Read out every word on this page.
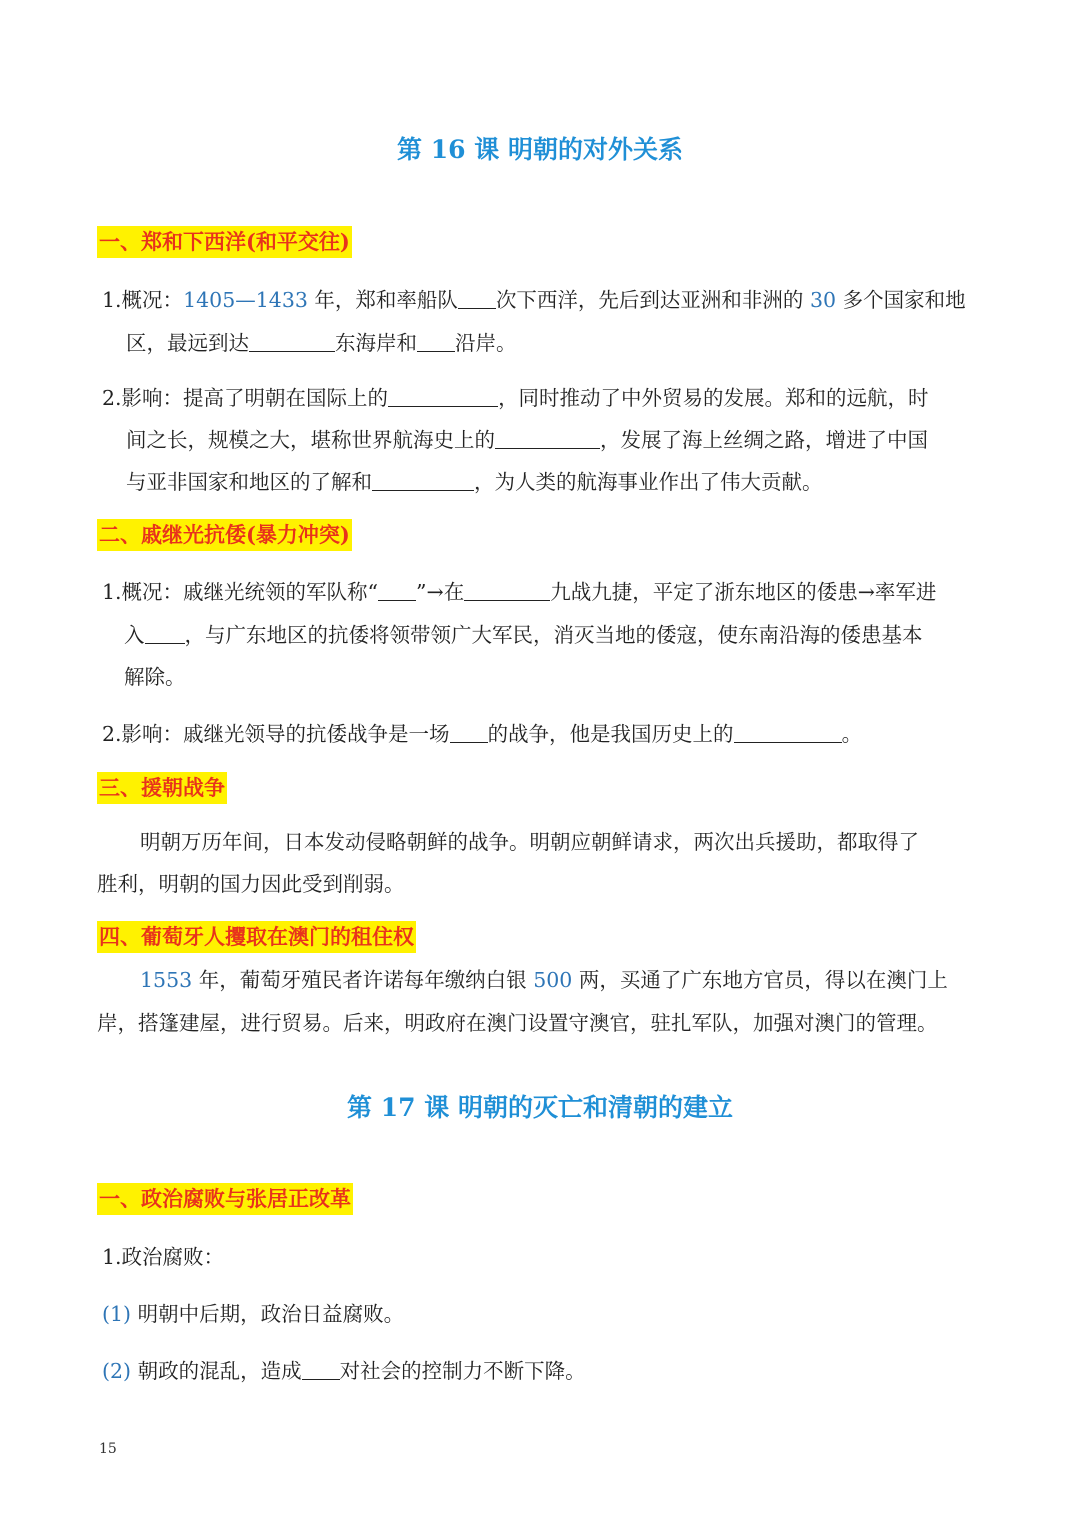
第 16 课 明朝的对外关系
一、郑和下西洋(和平交往)
1.概况：1405—1433 年，郑和率船队 次下西洋，先后到达亚洲和非洲的 30 多个国家和地
区，最远到达	东海岸和 沿岸。
2.影响：提高了明朝在国际上的	，同时推动了中外贸易的发展。郑和的远航，时
间之长，规模之大，堪称世界航海史上的	，发展了海上丝绸之路，增进了中国
与亚非国家和地区的了解和	，为人类的航海事业作出了伟大贡献。
二、戚继光抗倭(暴力冲突)
1.概况：戚继光统领的军队称“ ”→在	九战九捷，平定了浙东地区的倭患→率军进
入 ，与广东地区的抗倭将领带领广大军民，消灭当地的倭寇，使东南沿海的倭患基本
解除。
2.影响：戚继光领导的抗倭战争是一场 的战争，他是我国历史上的	。
三、援朝战争
明朝万历年间，日本发动侵略朝鲜的战争。明朝应朝鲜请求，两次出兵援助，都取得了
胜利，明朝的国力因此受到削弱。
四、葡萄牙人攫取在澳门的租住权
1553 年，葡萄牙殖民者许诺每年缴纳白银 500 两，买通了广东地方官员，得以在澳门上
岸，搭篷建屋，进行贸易。后来，明政府在澳门设置守澳官，驻扎军队，加强对澳门的管理。
第 17 课 明朝的灭亡和清朝的建立
一、政治腐败与张居正改革
1.政治腐败：
(1) 明朝中后期，政治日益腐败。
(2) 朝政的混乱，造成 对社会的控制力不断下降。
15
